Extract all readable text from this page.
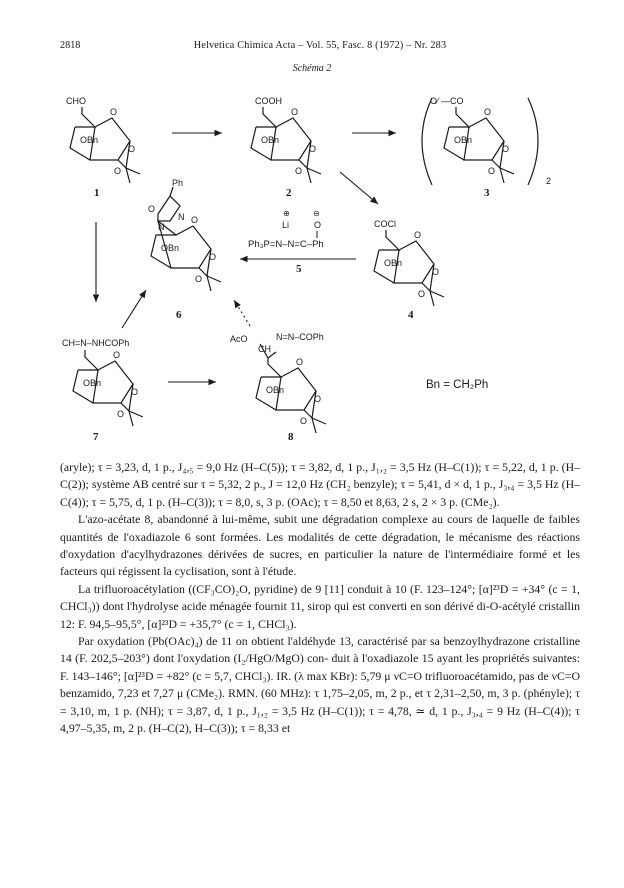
2818	Helvetica Chimica Acta – Vol. 55, Fasc. 8 (1972) – Nr. 283
Schéma 2
CHO
O
OBn
O
O
1
COOH
O
OBn
O
O
2
O⁄ —CO
O
OBn
O
O
2
3
Ph
O
N
N
O
OBn
O
O
6
Li
⊕
O
⊖
Ph₃P=N–N=C–Ph
5
COCl
O
OBn
O
O
4
CH=N–NHCOPh
O
OBn
O
O
7
AcO
CH
N=N–COPh
O
OBn
O
O
8
Bn = CH₂Ph

(aryle); τ = 3,23, d, 1 p., J₄,₅ = 9,0 Hz (H–C(5)); τ = 3,82, d, 1 p., J₁,₂ = 3,5 Hz (H–C(1)); τ = 5,22, d, 1 p. (H–C(2)); système AB centré sur τ = 5,32, 2 p., J = 12,0 Hz (CH₂ benzyle); τ = 5,41, d × d, 1 p., J₃,₄ = 3,5 Hz (H–C(4)); τ = 5,75, d, 1 p. (H–C(3)); τ = 8,0, s, 3 p. (OAc); τ = 8,50 et 8,63, 2 s, 2 × 3 p. (CMe₂).

L'azo-acétate 8, abandonné à lui-même, subit une dégradation complexe au cours de laquelle de faibles quantités de l'oxadiazole 6 sont formées. Les modalités de cette dégradation, le mécanisme des réactions d'oxydation d'acylhydrazones dérivées de sucres, en particulier la nature de l'intermédiaire formé et les facteurs qui régissent la cyclisation, sont à l'étude.

La trifluoroacétylation ((CF₃CO)₂O, pyridine) de 9 [11] conduit à 10 (F. 123–124°; [α]²³D = +34° (c = 1, CHCl₃)) dont l'hydrolyse acide ménagée fournit 11, sirop qui est converti en son dérivé di-O-acétylé cristallin 12: F. 94,5–95,5°, [α]²³D = +35,7° (c = 1, CHCl₃).

Par oxydation (Pb(OAc)₄) de 11 on obtient l'aldéhyde 13, caractérisé par sa benzoylhydrazone cristalline 14 (F. 202,5–203°) dont l'oxydation (I₂/HgO/MgO) con- duit à l'oxadiazole 15 ayant les propriétés suivantes: F. 143–146°; [α]²³D = +82° (c = 5,7, CHCl₃). IR. (λ max KBr): 5,79 μ νC=O trifluoroacétamido, pas de νC=O benzamido, 7,23 et 7,27 μ (CMe₂). RMN. (60 MHz): τ 1,75–2,05, m, 2 p., et τ 2,31–2,50, m, 3 p. (phényle); τ = 3,10, m, 1 p. (NH); τ = 3,87, d, 1 p., J₁,₂ = 3,5 Hz (H–C(1)); τ = 4,78, ≃ d, 1 p., J₃,₄ = 9 Hz (H–C(4)); τ 4,97–5,35, m, 2 p. (H–C(2), H–C(3)); τ = 8,33 et
